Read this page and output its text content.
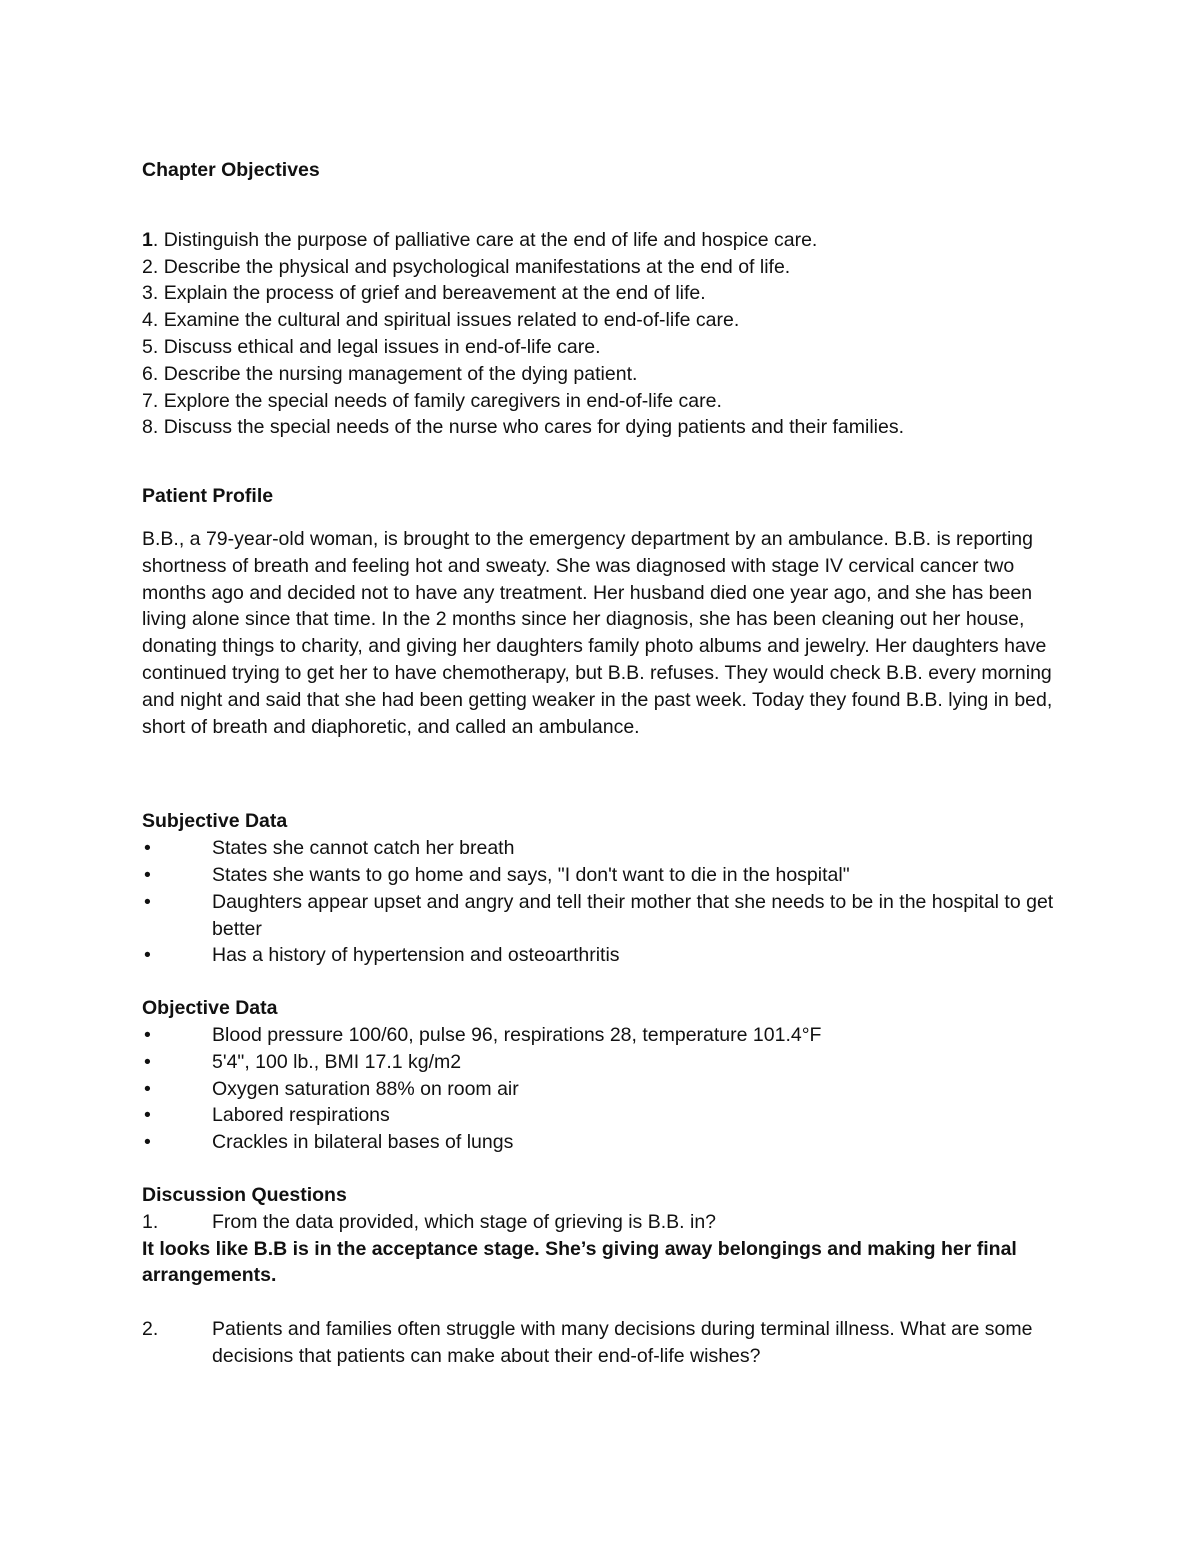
Chapter Objectives

1. Distinguish the purpose of palliative care at the end of life and hospice care.

2. Describe the physical and psychological manifestations at the end of life.

3. Explain the process of grief and bereavement at the end of life.

4. Examine the cultural and spiritual issues related to end-of-life care.

5. Discuss ethical and legal issues in end-of-life care.

6. Describe the nursing management of the dying patient.

7. Explore the special needs of family caregivers in end-of-life care.

8. Discuss the special needs of the nurse who cares for dying patients and their families.

Patient Profile

B.B., a 79-year-old woman, is brought to the emergency department by an ambulance. B.B. is reporting shortness of breath and feeling hot and sweaty. She was diagnosed with stage IV cervical cancer two months ago and decided not to have any treatment. Her husband died one year ago, and she has been living alone since that time. In the 2 months since her diagnosis, she has been cleaning out her house, donating things to charity, and giving her daughters family photo albums and jewelry. Her daughters have continued trying to get her to have chemotherapy, but B.B. refuses. They would check B.B. every morning and night and said that she had been getting weaker in the past week. Today they found B.B. lying in bed, short of breath and diaphoretic, and called an ambulance.

Subjective Data

•	States she cannot catch her breath
•	States she wants to go home and says, "I don't want to die in the hospital"
•	Daughters appear upset and angry and tell their mother that she needs to be in the hospital to get better
•	Has a history of hypertension and osteoarthritis

Objective Data

•	Blood pressure 100/60, pulse 96, respirations 28, temperature 101.4°F
•	5'4", 100 lb., BMI 17.1 kg/m2
•	Oxygen saturation 88% on room air
•	Labored respirations
•	Crackles in bilateral bases of lungs

Discussion Questions

1.	From the data provided, which stage of grieving is B.B. in?

It looks like B.B is in the acceptance stage. She’s giving away belongings and making her final arrangements.

2.	Patients and families often struggle with many decisions during terminal illness. What are some decisions that patients can make about their end-of-life wishes?
